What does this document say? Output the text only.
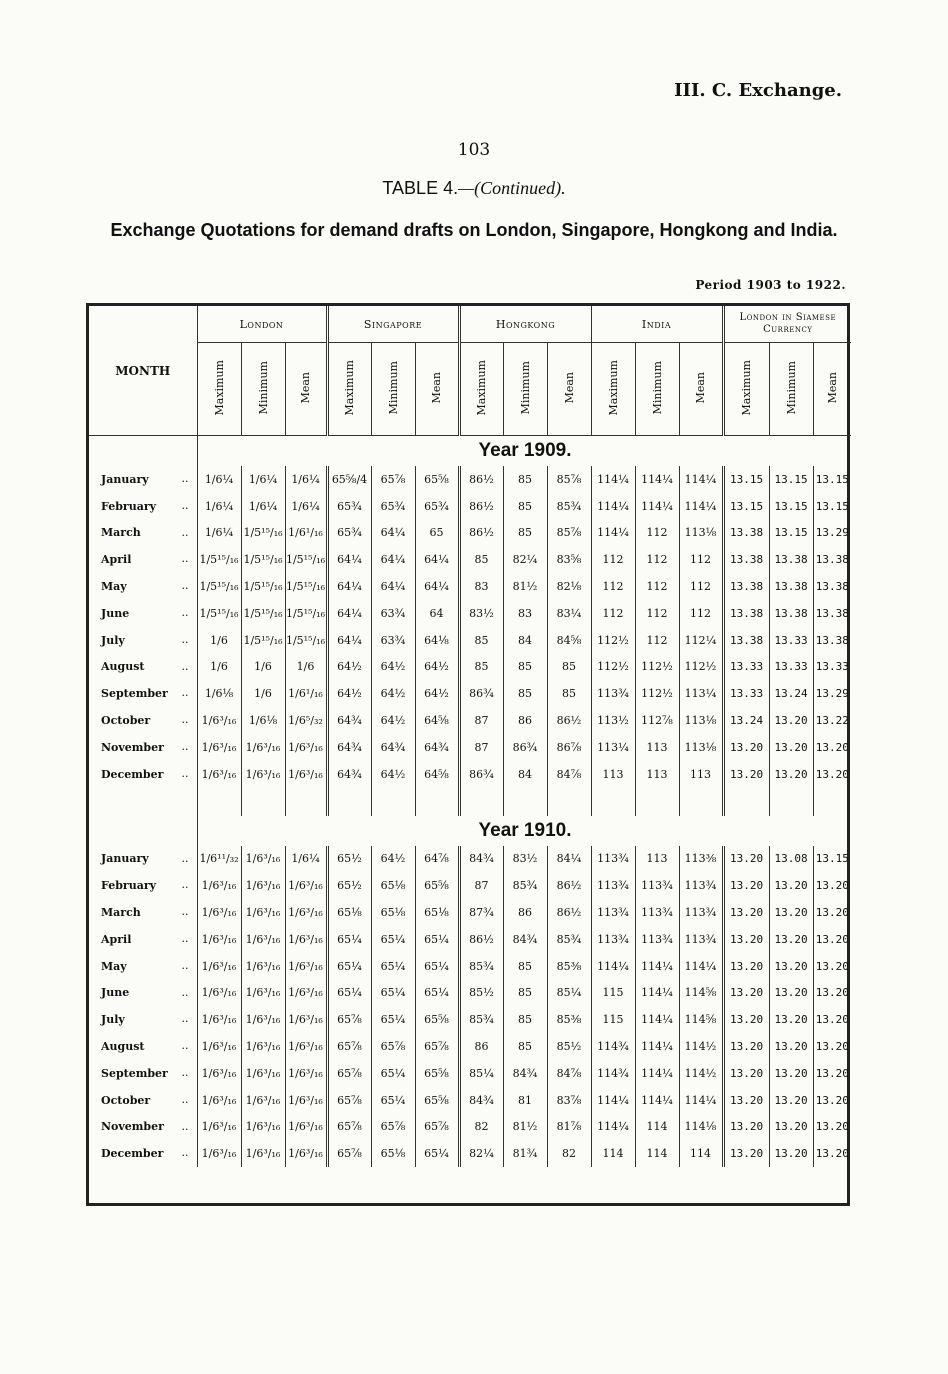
III. C. Exchange.
103
TABLE 4.—(Continued).
Exchange Quotations for demand drafts on London, Singapore, Hongkong and India.
Period 1903 to 1922.
MONTH	London			Singapore			Hongkong			India			London in Siamese Currency		
	Maximum	Minimum	Mean	Maximum	Minimum	Mean	Maximum	Minimum	Mean	Maximum	Minimum	Mean	Maximum	Minimum	Mean
							Year 1909.								
January ..	1/6¼	1/6¼	1/6¼	65⅝/4	65⅞	65⅝	86½	85	85⅞	114¼	114¼	114¼	13.15	13.15	13.15
February ..	1/6¼	1/6¼	1/6¼	65¾	65¾	65¾	86½	85	85¾	114¼	114¼	114¼	13.15	13.15	13.15
March ..	1/6¼	1/5¹⁵/₁₆	1/6¹/₁₆	65¾	64¼	65	86½	85	85⅞	114¼	112	113⅛	13.38	13.15	13.29
April ..	1/5¹⁵/₁₆	1/5¹⁵/₁₆	1/5¹⁵/₁₆	64¼	64¼	64¼	85	82¼	83⅝	112	112	112	13.38	13.38	13.38
May ..	1/5¹⁵/₁₆	1/5¹⁵/₁₆	1/5¹⁵/₁₆	64¼	64¼	64¼	83	81½	82⅛	112	112	112	13.38	13.38	13.38
June ..	1/5¹⁵/₁₆	1/5¹⁵/₁₆	1/5¹⁵/₁₆	64¼	63¾	64	83½	83	83¼	112	112	112	13.38	13.38	13.38
July ..	1/6	1/5¹⁵/₁₆	1/5¹⁵/₁₆	64¼	63¾	64⅛	85	84	84⅝	112½	112	112¼	13.38	13.33	13.38
August ..	1/6	1/6	1/6	64½	64½	64½	85	85	85	112½	112½	112½	13.33	13.33	13.33
September ..	1/6⅛	1/6	1/6¹/₁₆	64½	64½	64½	86¾	85	85	113¾	112½	113¼	13.33	13.24	13.29
October ..	1/6³/₁₆	1/6⅛	1/6⁵/₃₂	64¾	64½	64⅝	87	86	86½	113½	112⅞	113⅛	13.24	13.20	13.22
November ..	1/6³/₁₆	1/6³/₁₆	1/6³/₁₆	64¾	64¾	64¾	87	86¾	86⅞	113¼	113	113⅛	13.20	13.20	13.20
December ..	1/6³/₁₆	1/6³/₁₆	1/6³/₁₆	64¾	64½	64⅝	86¾	84	84⅞	113	113	113	13.20	13.20	13.20

							Year 1910.								
January ..	1/6¹¹/₃₂	1/6³/₁₆	1/6¼	65½	64½	64⅞	84¾	83½	84¼	113¾	113	113⅜	13.20	13.08	13.15
February ..	1/6³/₁₆	1/6³/₁₆	1/6³/₁₆	65½	65⅛	65⅝	87	85¾	86½	113¾	113¾	113¾	13.20	13.20	13.20
March ..	1/6³/₁₆	1/6³/₁₆	1/6³/₁₆	65⅛	65⅛	65⅛	87¾	86	86½	113¾	113¾	113¾	13.20	13.20	13.20
April ..	1/6³/₁₆	1/6³/₁₆	1/6³/₁₆	65¼	65¼	65¼	86½	84¾	85¾	113¾	113¾	113¾	13.20	13.20	13.20
May ..	1/6³/₁₆	1/6³/₁₆	1/6³/₁₆	65¼	65¼	65¼	85¾	85	85⅜	114¼	114¼	114¼	13.20	13.20	13.20
June ..	1/6³/₁₆	1/6³/₁₆	1/6³/₁₆	65¼	65¼	65¼	85½	85	85¼	115	114¼	114⅝	13.20	13.20	13.20
July ..	1/6³/₁₆	1/6³/₁₆	1/6³/₁₆	65⅞	65¼	65⅝	85¾	85	85⅜	115	114¼	114⅝	13.20	13.20	13.20
August ..	1/6³/₁₆	1/6³/₁₆	1/6³/₁₆	65⅞	65⅞	65⅞	86	85	85½	114¾	114¼	114½	13.20	13.20	13.20
September ..	1/6³/₁₆	1/6³/₁₆	1/6³/₁₆	65⅞	65¼	65⅝	85¼	84¾	84⅞	114¾	114¼	114½	13.20	13.20	13.20
October ..	1/6³/₁₆	1/6³/₁₆	1/6³/₁₆	65⅞	65¼	65⅝	84¾	81	83⅞	114¼	114¼	114¼	13.20	13.20	13.20
November ..	1/6³/₁₆	1/6³/₁₆	1/6³/₁₆	65⅞	65⅞	65⅞	82	81½	81⅞	114¼	114	114⅛	13.20	13.20	13.20
December ..	1/6³/₁₆	1/6³/₁₆	1/6³/₁₆	65⅞	65⅛	65¼	82¼	81¾	82	114	114	114	13.20	13.20	13.20
